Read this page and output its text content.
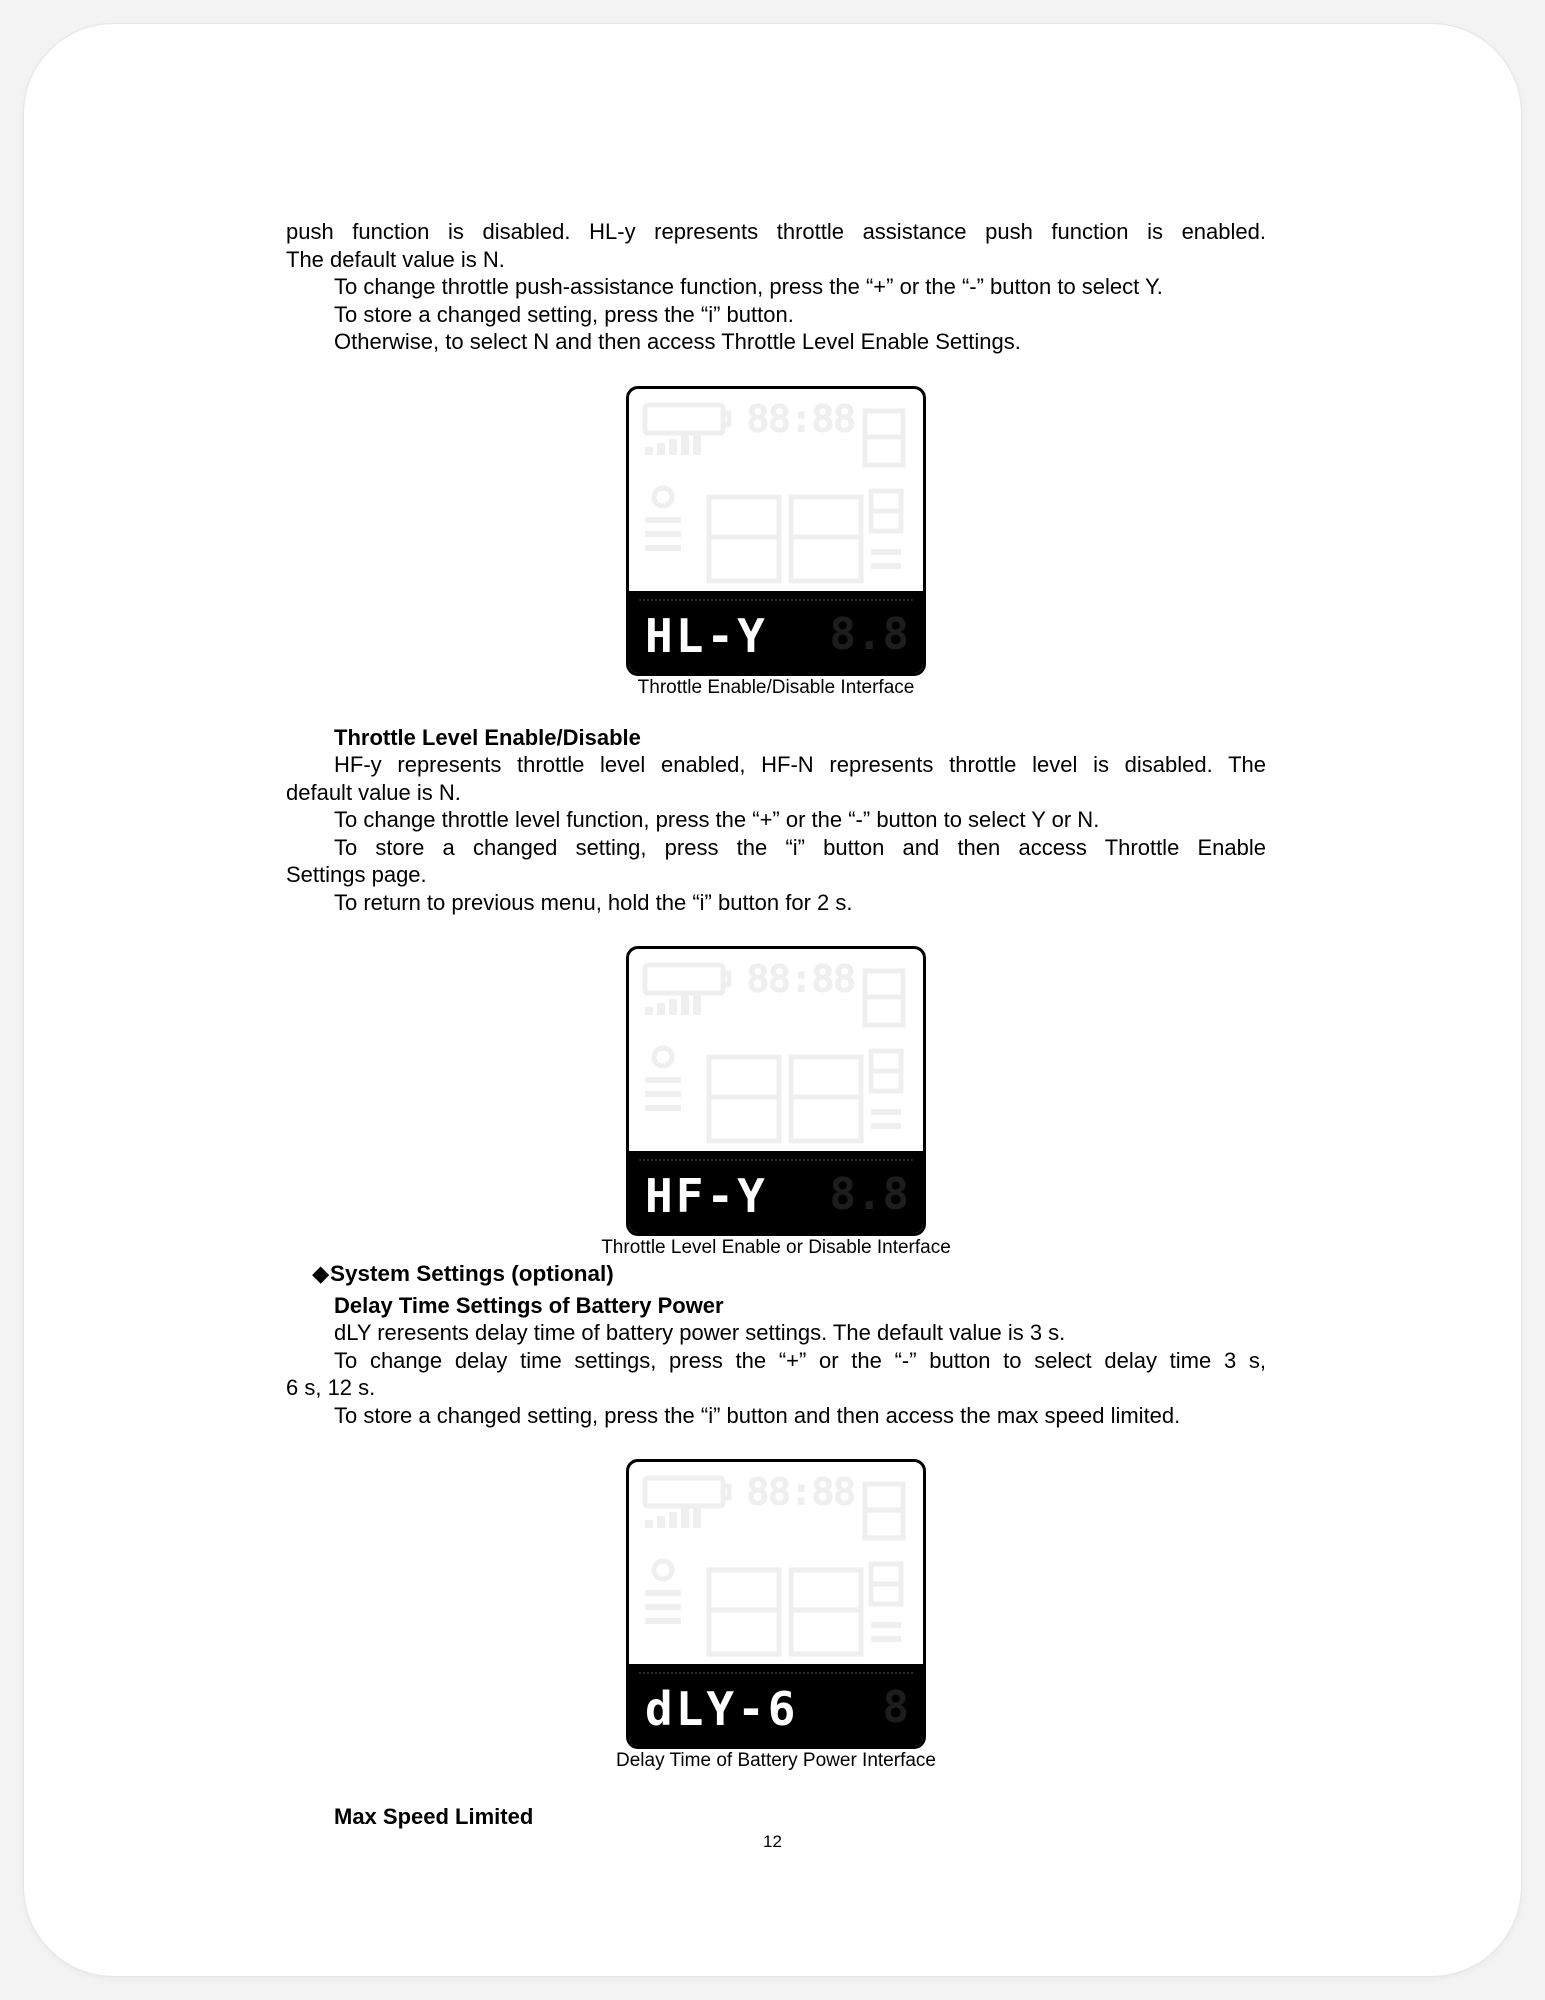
push function is disabled. HL-y represents throttle assistance push function is enabled.

The default value is N.

To change throttle push-assistance function, press the “+” or the “-” button to select Y.

To store a changed setting, press the “i” button.

Otherwise, to select N and then access Throttle Level Enable Settings.

88:88
8.8
HL-Y
Throttle Enable/Disable Interface

Throttle Level Enable/Disable

HF-y represents throttle level enabled, HF-N represents throttle level is disabled. The

default value is N.

To change throttle level function, press the “+” or the “-” button to select Y or N.

To store a changed setting, press the “i” button and then access Throttle Enable

Settings page.

To return to previous menu, hold the “i” button for 2 s.

88:88
8.8
HF-Y
Throttle Level Enable or Disable Interface

◆System Settings (optional)

Delay Time Settings of Battery Power

dLY reresents delay time of battery power settings. The default value is 3 s.

To change delay time settings, press the “+” or the “-” button to select delay time 3 s,

6 s, 12 s.

To store a changed setting, press the “i” button and then access the max speed limited.

88:88
8
dLY-6
Delay Time of Battery Power Interface

Max Speed Limited

12
